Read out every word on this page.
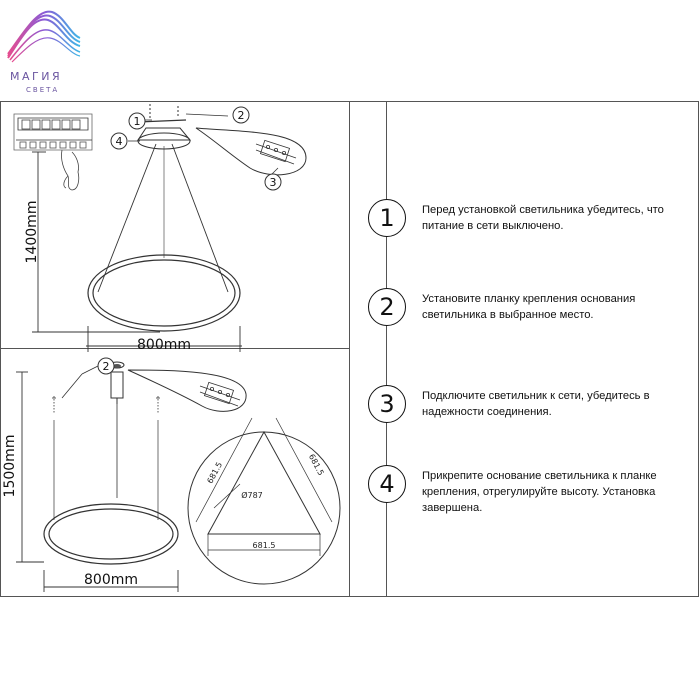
МАГИЯ
СВЕТА
1	2
3
4
1400mm
800mm
2
1500mm
800mm
681.5	681.5
681.5
Ø787
1	Перед установкой светильника убедитесь, что питание в сети выключено.
2	Установите планку крепления основания светильника в выбранное место.
3	Подключите светильник к сети, убедитесь в надежности соединения.
4	Прикрепите основание светильника к планке крепления, отрегулируйте высоту. Установка завершена.
